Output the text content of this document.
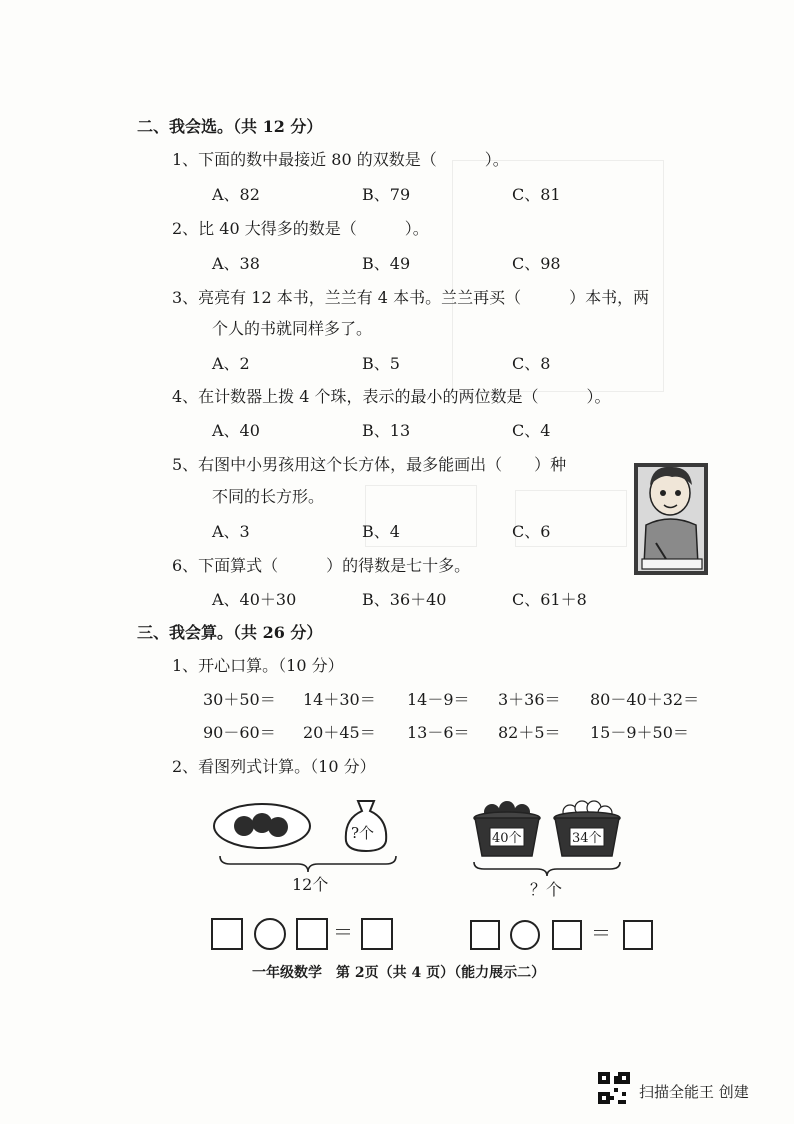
二、我会选。（共 12 分）
1、下面的数中最接近 80 的双数是（　　　）。
A、82	B、79	C、81
2、比 40 大得多的数是（　　　）。
A、38	B、49	C、98
3、亮亮有 12 本书，兰兰有 4 本书。兰兰再买（　　　）本书，两
个人的书就同样多了。
A、2	B、5	C、8
4、在计数器上拨 4 个珠，表示的最小的两位数是（　　　）。
A、40	B、13	C、4
5、右图中小男孩用这个长方体，最多能画出（　　）种
不同的长方形。
A、3	B、4	C、6
6、下面算式（　　　）的得数是七十多。
A、40＋30	B、36＋40	C、61＋8
三、我会算。（共 26 分）
1、开心口算。（10 分）
30＋50＝ 14＋30＝ 14－9＝ 3＋36＝ 80－40＋32＝
90－60＝ 20＋45＝ 13－6＝ 82＋5＝ 15－9＋50＝
2、看图列式计算。（10 分）
?个
12个
40个	34个
？个
＝	＝
一年级数学　第 2页（共 4 页）（能力展示二）
扫描全能王 创建
